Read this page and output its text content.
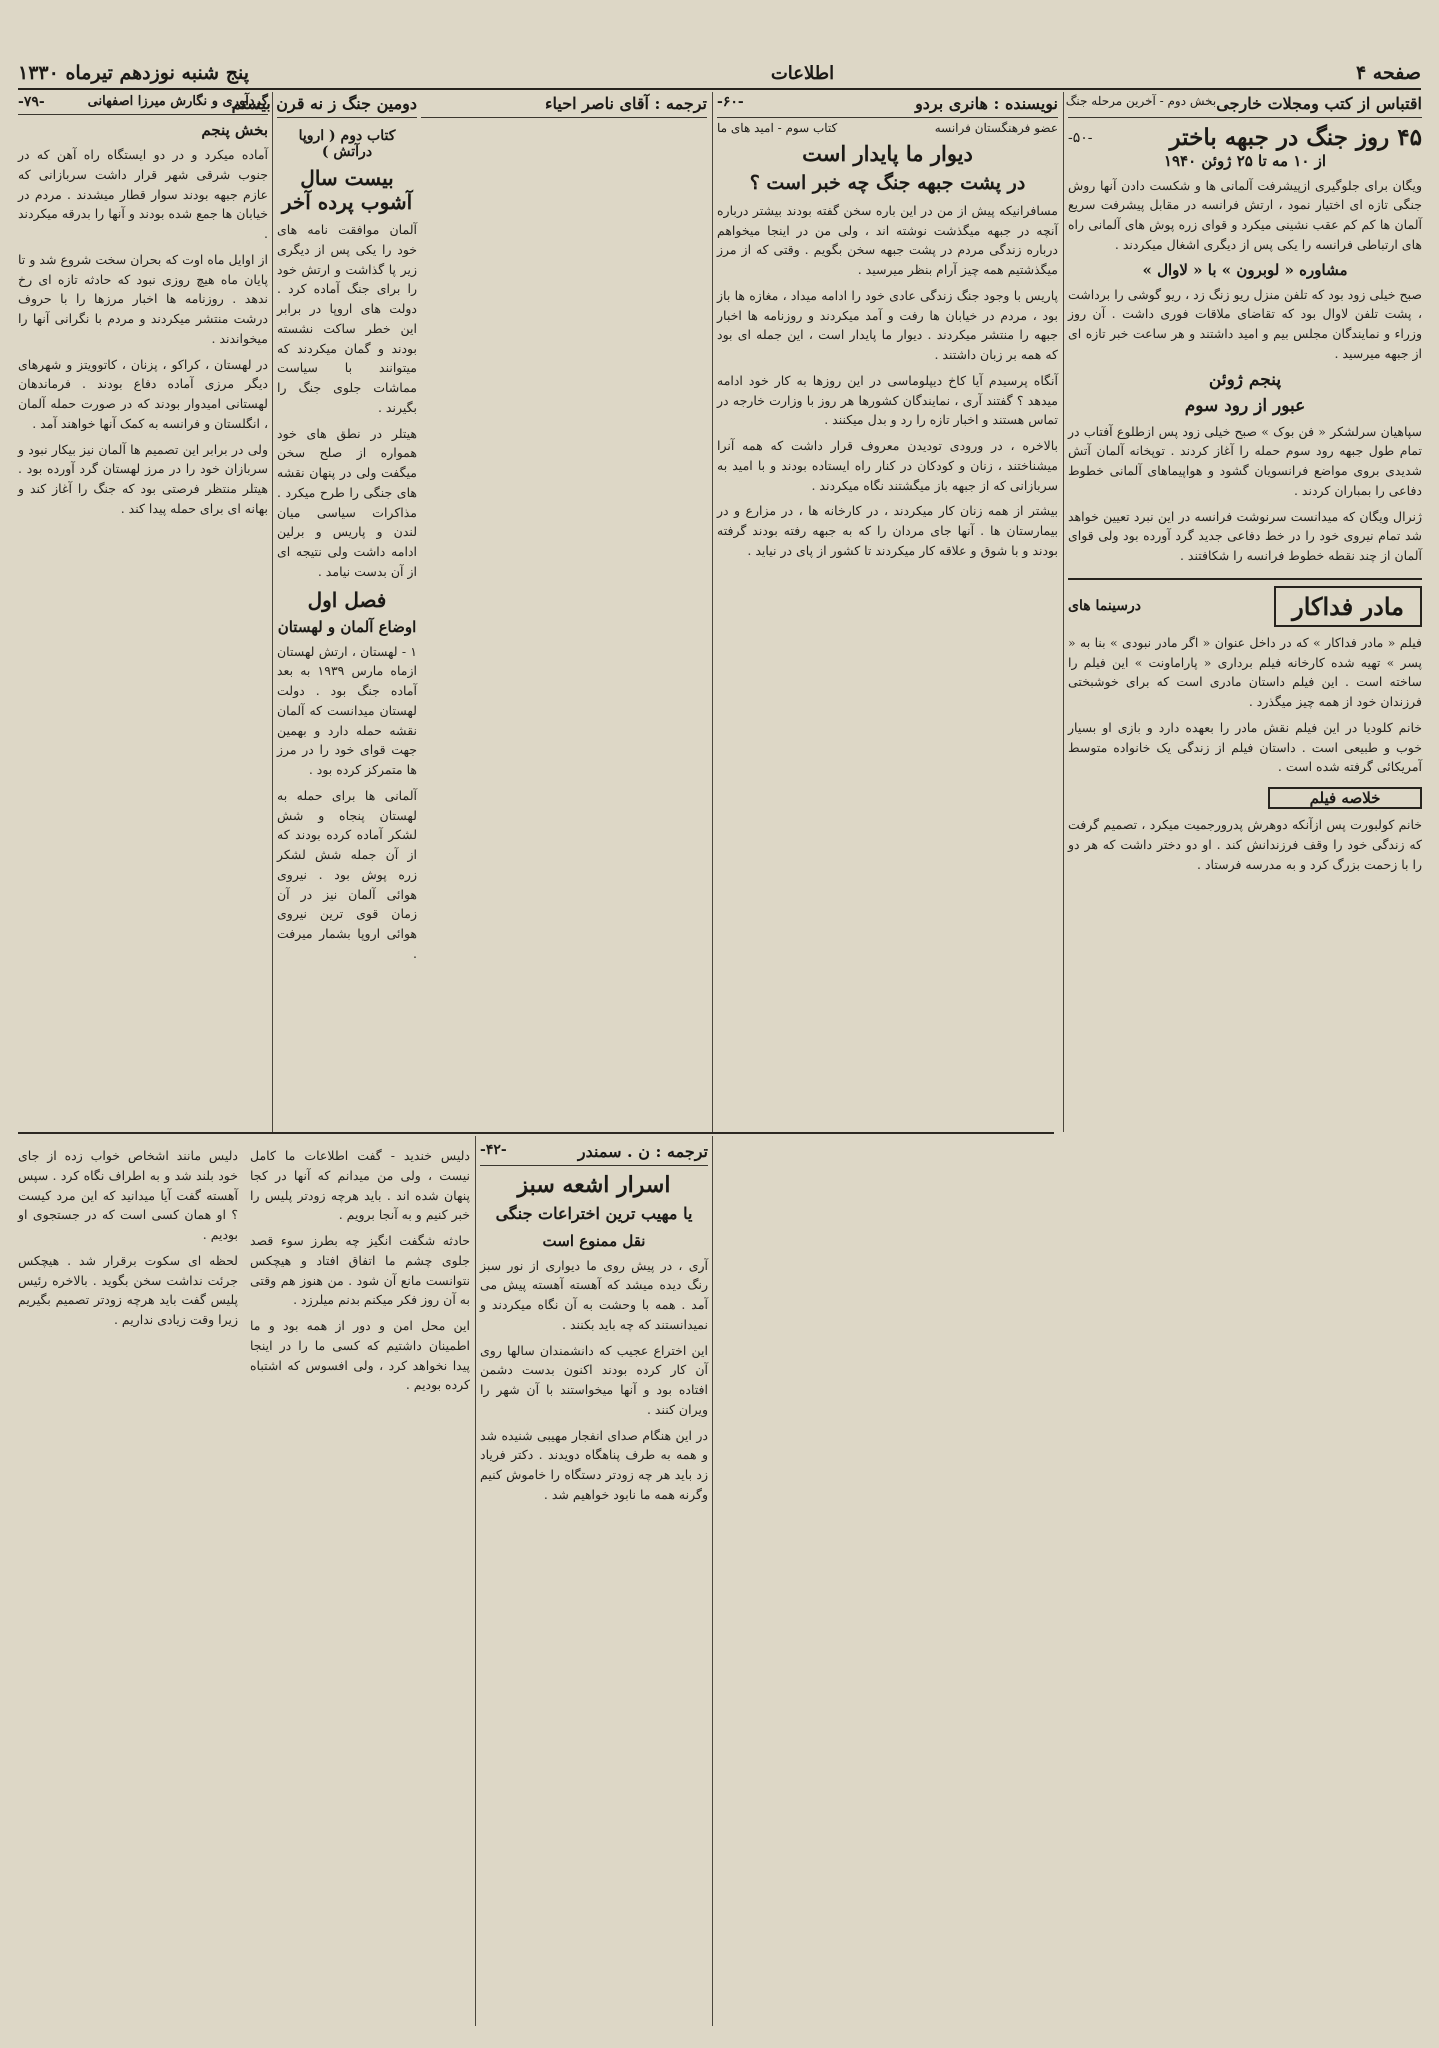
صفحه ۴
اطلاعات
پنج شنبه نوزدهم تیرماه ۱۳۳۰
اقتباس از کتب ومجلات خارجی
بخش دوم - آخرین مرحله جنگ
۴۵ روز جنگ در جبهه باختر
-۵۰-
از ۱۰ مه تا ۲۵ ژوئن ۱۹۴۰
ویگان برای جلوگیری ازپیشرفت آلمانی ها و شکست دادن آنها روش جنگی تازه ای اختیار نمود ، ارتش فرانسه در مقابل پیشرفت سریع آلمان ها کم کم عقب نشینی میکرد و قوای زره پوش های آلمانی راه های ارتباطی فرانسه را یکی پس از دیگری اشغال میکردند .
مشاوره « لوبرون » با « لاوال »
صبح خیلی زود بود که تلفن منزل ریو زنگ زد ، ریو گوشی را برداشت ، پشت تلفن لاوال بود که تقاضای ملاقات فوری داشت . آن روز وزراء و نمایندگان مجلس بیم و امید داشتند و هر ساعت خبر تازه ای از جبهه میرسید .
پنجم ژوئن
عبور از رود سوم
سپاهیان سرلشکر « فن بوک » صبح خیلی زود پس ازطلوع آفتاب در تمام طول جبهه رود سوم حمله را آغاز کردند . توپخانه آلمان آتش شدیدی بروی مواضع فرانسویان گشود و هواپیماهای آلمانی خطوط دفاعی را بمباران کردند .
ژنرال ویگان که میدانست سرنوشت فرانسه در این نبرد تعیین خواهد شد تمام نیروی خود را در خط دفاعی جدید گرد آورده بود ولی قوای آلمان از چند نقطه خطوط فرانسه را شکافتند .
مادر فداکار
درسینما های
فیلم « مادر فداکار » که در داخل عنوان « اگر مادر نبودی » بنا به « پسر » تهیه شده کارخانه فیلم برداری « پاراماونت » این فیلم را ساخته است . این فیلم داستان مادری است که برای خوشبختی فرزندان خود از همه چیز میگذرد .
خانم کلودیا در این فیلم نقش مادر را بعهده دارد و بازی او بسیار خوب و طبیعی است . داستان فیلم از زندگی یک خانواده متوسط آمریکائی گرفته شده است .
خلاصه فیلم
خانم کولبورت پس ازآنکه دوهرش پدرورجمیت میکرد ، تصمیم گرفت که زندگی خود را وقف فرزندانش کند . او دو دختر داشت که هر دو را با زحمت بزرگ کرد و به مدرسه فرستاد .
نویسنده : هانری بردو
-۶۰-
عضو فرهنگستان فرانسه
کتاب سوم - امید های ما
دیوار ما پایدار است
در پشت جبهه جنگ چه خبر است ؟
مسافرانیکه پیش از من در این باره سخن گفته بودند بیشتر درباره آنچه در جبهه میگذشت نوشته اند ، ولی من در اینجا میخواهم درباره زندگی مردم در پشت جبهه سخن بگویم . وقتی که از مرز میگذشتیم همه چیز آرام بنظر میرسید .
پاریس با وجود جنگ زندگی عادی خود را ادامه میداد ، مغازه ها باز بود ، مردم در خیابان ها رفت و آمد میکردند و روزنامه ها اخبار جبهه را منتشر میکردند . دیوار ما پایدار است ، این جمله ای بود که همه بر زبان داشتند .
آنگاه پرسیدم آیا کاخ دیپلوماسی در این روزها به کار خود ادامه میدهد ؟ گفتند آری ، نمایندگان کشورها هر روز با وزارت خارجه در تماس هستند و اخبار تازه را رد و بدل میکنند .
بالاخره ، در ورودی تودیدن معروف قرار داشت که همه آنرا میشناختند ، زنان و کودکان در کنار راه ایستاده بودند و با امید به سربازانی که از جبهه باز میگشتند نگاه میکردند .
بیشتر از همه زنان کار میکردند ، در کارخانه ها ، در مزارع و در بیمارستان ها . آنها جای مردان را که به جبهه رفته بودند گرفته بودند و با شوق و علاقه کار میکردند تا کشور از پای در نیاید .
ترجمه : آقای ناصر احیاء
دومین جنگ ز نه قرن بیستم
کتاب دوم ( اروپا درآتش )
بیست سال آشوب پرده آخر
آلمان موافقت نامه های خود را یکی پس از دیگری زیر پا گذاشت و ارتش خود را برای جنگ آماده کرد . دولت های اروپا در برابر این خطر ساکت نشسته بودند و گمان میکردند که میتوانند با سیاست مماشات جلوی جنگ را بگیرند .
هیتلر در نطق های خود همواره از صلح سخن میگفت ولی در پنهان نقشه های جنگی را طرح میکرد . مذاکرات سیاسی میان لندن و پاریس و برلین ادامه داشت ولی نتیجه ای از آن بدست نیامد .
فصل اول
اوضاع آلمان و لهستان
۱ - لهستان ، ارتش لهستان ازماه مارس ۱۹۳۹ به بعد آماده جنگ بود . دولت لهستان میدانست که آلمان نقشه حمله دارد و بهمین جهت قوای خود را در مرز ها متمرکز کرده بود .
آلمانی ها برای حمله به لهستان پنجاه و شش لشکر آماده کرده بودند که از آن جمله شش لشکر زره پوش بود . نیروی هوائی آلمان نیز در آن زمان قوی ترین نیروی هوائی اروپا بشمار میرفت .
گردآوری و نگارش میرزا اصفهانی
-۷۹-
بخش پنجم
آماده میکرد و در دو ایستگاه راه آهن که در جنوب شرقی شهر قرار داشت سربازانی که عازم جبهه بودند سوار قطار میشدند . مردم در خیابان ها جمع شده بودند و آنها را بدرقه میکردند .
از اوایل ماه اوت که بحران سخت شروع شد و تا پایان ماه هیچ روزی نبود که حادثه تازه ای رخ ندهد . روزنامه ها اخبار مرزها را با حروف درشت منتشر میکردند و مردم با نگرانی آنها را میخواندند .
در لهستان ، کراکو ، پزنان ، کاتوویتز و شهرهای دیگر مرزی آماده دفاع بودند . فرماندهان لهستانی امیدوار بودند که در صورت حمله آلمان ، انگلستان و فرانسه به کمک آنها خواهند آمد .
ولی در برابر این تصمیم ها آلمان نیز بیکار نبود و سربازان خود را در مرز لهستان گرد آورده بود . هیتلر منتظر فرصتی بود که جنگ را آغاز کند و بهانه ای برای حمله پیدا کند .
ترجمه : ن . سمندر
-۴۲-
اسرار اشعه سبز
یا مهیب ترین اختراعات جنگی
نقل ممنوع است
آری ، در پیش روی ما دیواری از نور سبز رنگ دیده میشد که آهسته آهسته پیش می آمد . همه با وحشت به آن نگاه میکردند و نمیدانستند که چه باید بکنند .
این اختراع عجیب که دانشمندان سالها روی آن کار کرده بودند اکنون بدست دشمن افتاده بود و آنها میخواستند با آن شهر را ویران کنند .
در این هنگام صدای انفجار مهیبی شنیده شد و همه به طرف پناهگاه دویدند . دکتر فریاد زد باید هر چه زودتر دستگاه را خاموش کنیم وگرنه همه ما نابود خواهیم شد .
دلیس خندید - گفت اطلاعات ما کامل نیست ، ولی من میدانم که آنها در کجا پنهان شده اند . باید هرچه زودتر پلیس را خبر کنیم و به آنجا برویم .
حادثه شگفت انگیز چه بطرز سوء قصد جلوی چشم ما اتفاق افتاد و هیچکس نتوانست مانع آن شود . من هنوز هم وقتی به آن روز فکر میکنم بدنم میلرزد .
این محل امن و دور از همه بود و ما اطمینان داشتیم که کسی ما را در اینجا پیدا نخواهد کرد ، ولی افسوس که اشتباه کرده بودیم .
دلیس مانند اشخاص خواب زده از جای خود بلند شد و به اطراف نگاه کرد . سپس آهسته گفت آیا میدانید که این مرد کیست ؟ او همان کسی است که در جستجوی او بودیم .
لحظه ای سکوت برقرار شد . هیچکس جرئت نداشت سخن بگوید . بالاخره رئیس پلیس گفت باید هرچه زودتر تصمیم بگیریم زیرا وقت زیادی نداریم .
